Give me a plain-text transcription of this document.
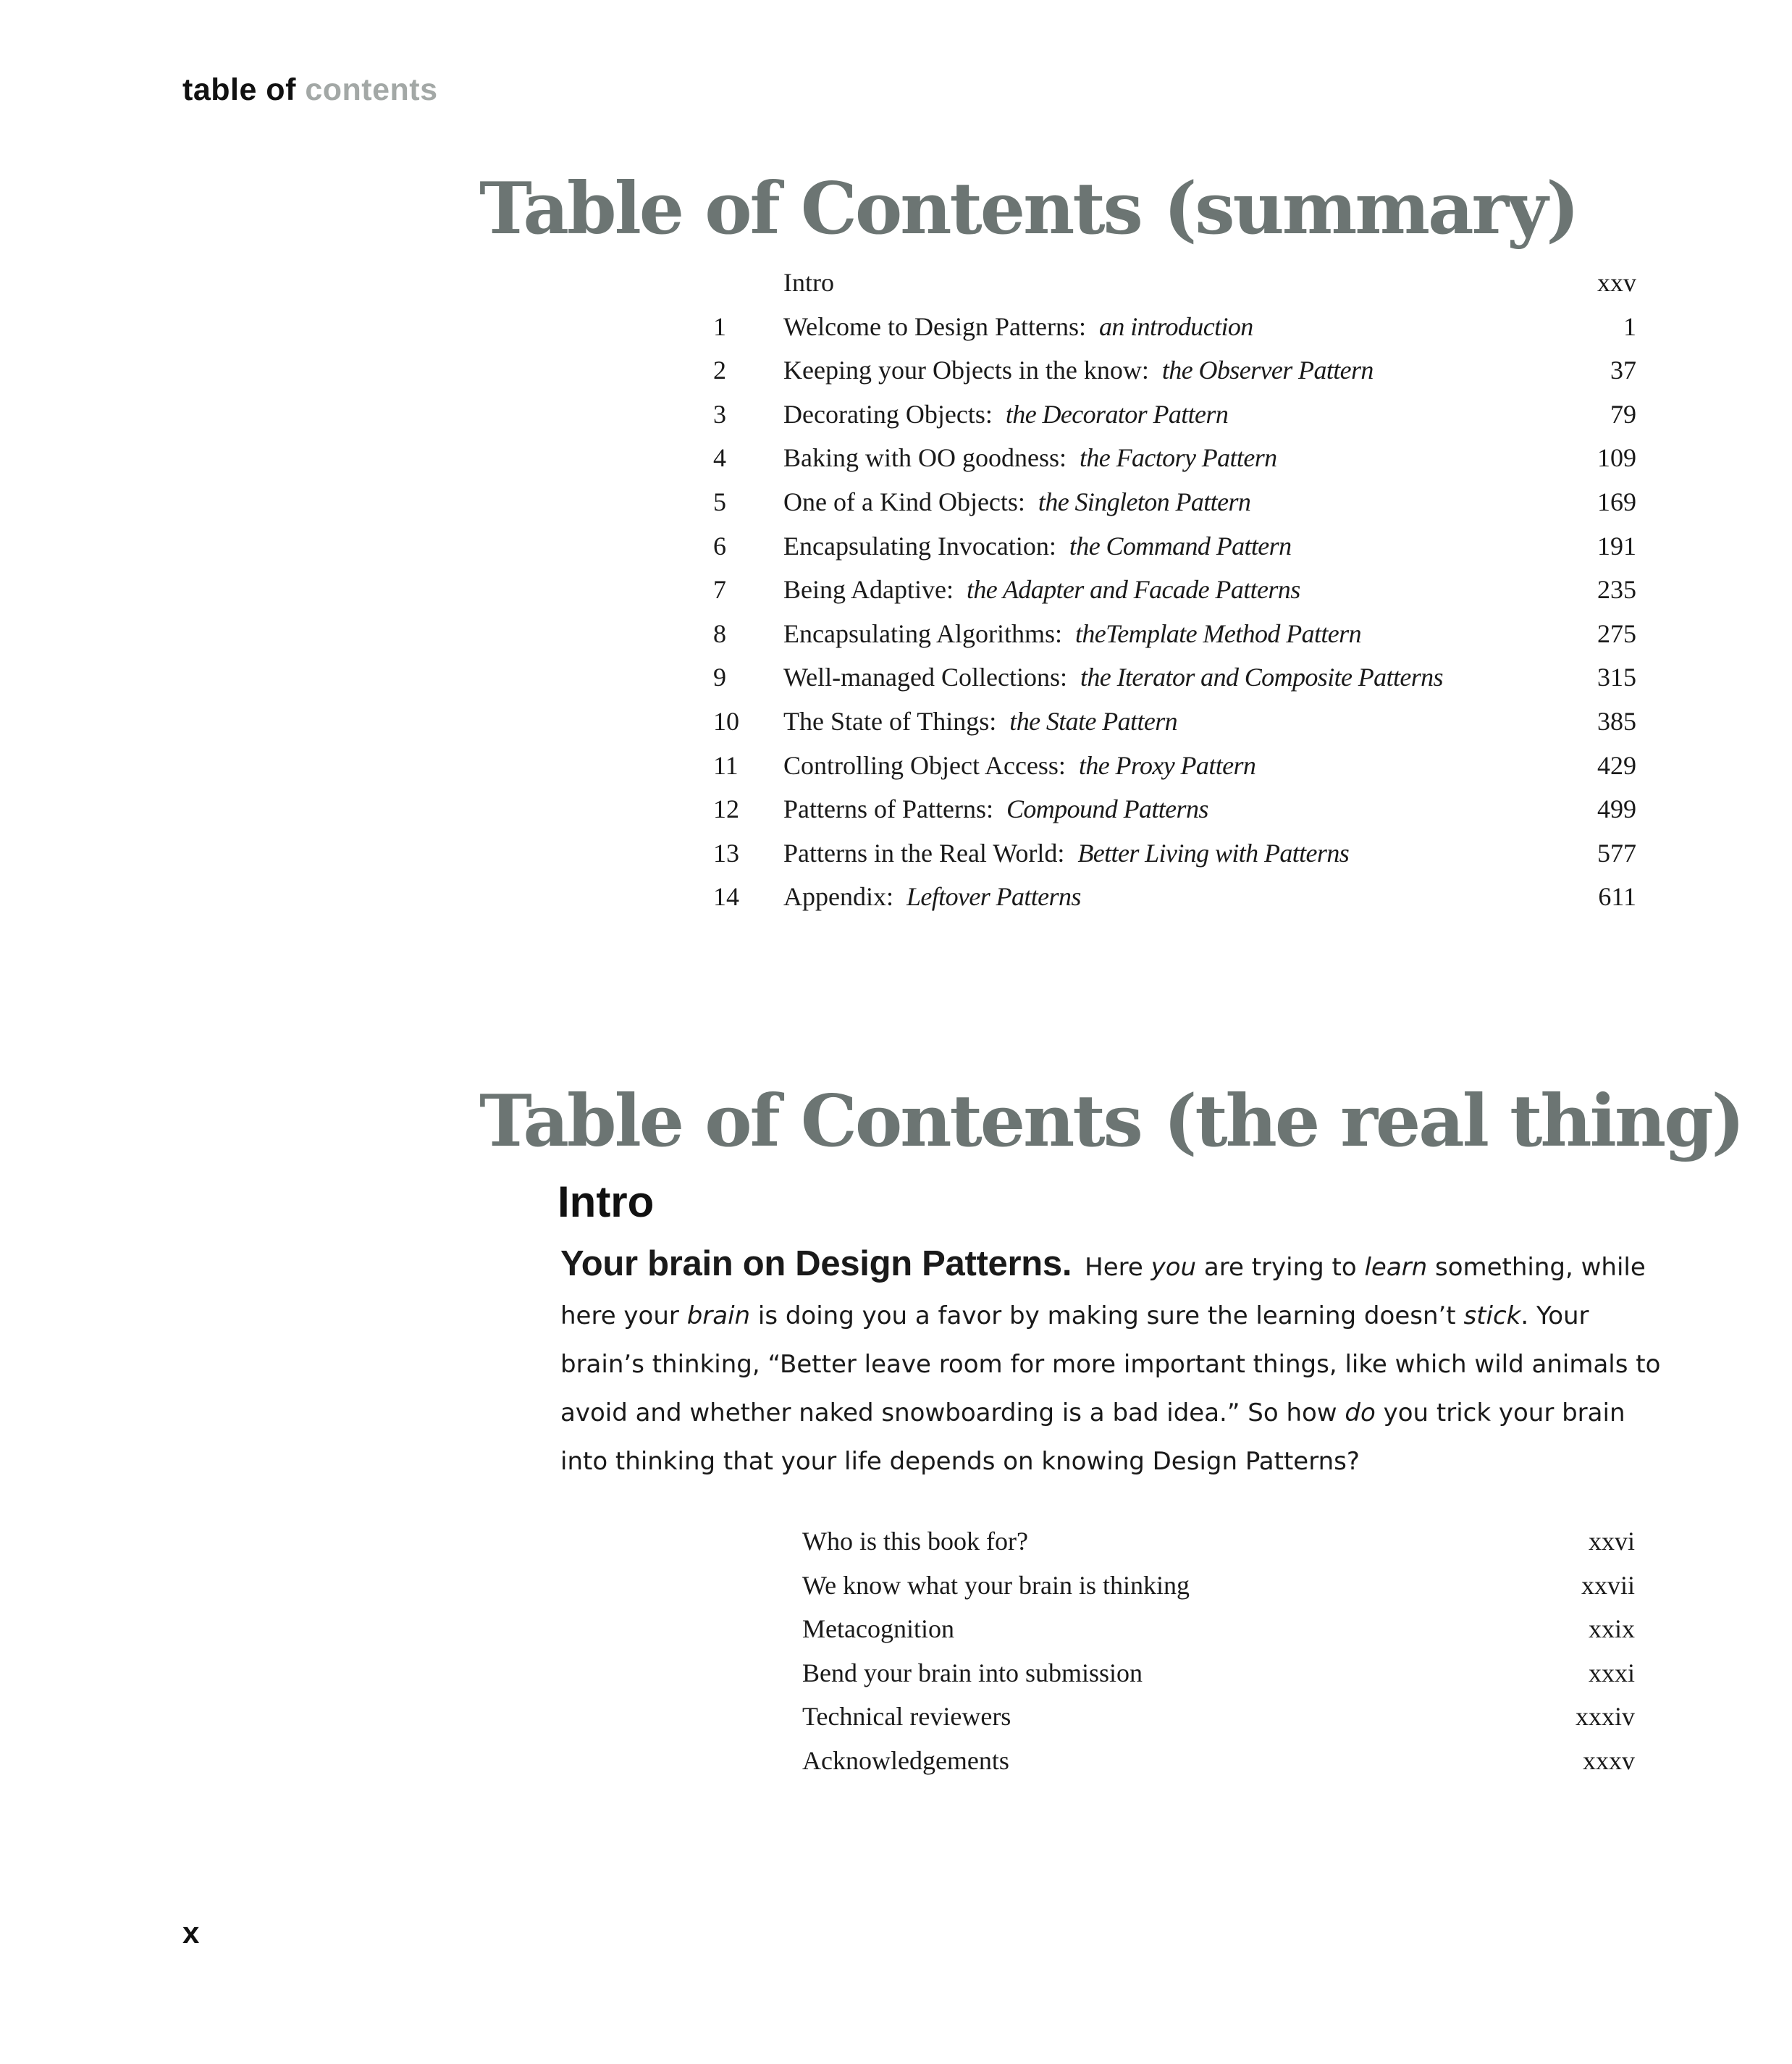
table of contents
Table of Contents (summary)
Intro	xxv
1 Welcome to Design Patterns: an introduction	1
2 Keeping your Objects in the know: the Observer Pattern	37
3 Decorating Objects: the Decorator Pattern	79
4 Baking with OO goodness: the Factory Pattern	109
5 One of a Kind Objects: the Singleton Pattern	169
6 Encapsulating Invocation: the Command Pattern	191
7 Being Adaptive: the Adapter and Facade Patterns	235
8 Encapsulating Algorithms: theTemplate Method Pattern	275
9 Well-managed Collections: the Iterator and Composite Patterns	315
10 The State of Things: the State Pattern	385
11 Controlling Object Access: the Proxy Pattern	429
12 Patterns of Patterns: Compound Patterns	499
13 Patterns in the Real World: Better Living with Patterns	577
14 Appendix: Leftover Patterns	611
Table of Contents (the real thing)
Intro

Your brain on Design Patterns. Here you are trying to learn something, while here your brain is doing you a favor by making sure the learning doesn’t stick. Your brain’s thinking, “Better leave room for more important things, like which wild animals to avoid and whether naked snowboarding is a bad idea.” So how do you trick your brain into thinking that your life depends on knowing Design Patterns?

Who is this book for?	xxvi
We know what your brain is thinking	xxvii
Metacognition	xxix
Bend your brain into submission	xxxi
Technical reviewers	xxxiv
Acknowledgements	xxxv
x
